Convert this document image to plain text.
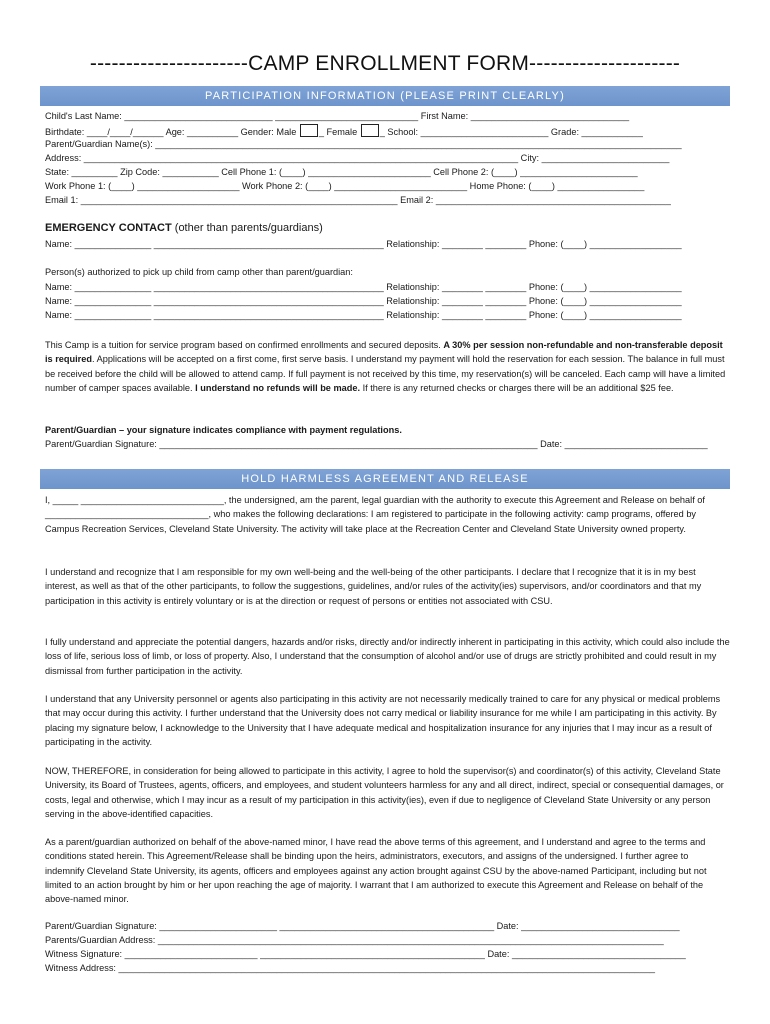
----------------------CAMP ENROLLMENT FORM---------------------
PARTICIPATION INFORMATION (PLEASE PRINT CLEARLY)
Child's Last Name: _____________________________ ____________________________ First Name: _______________________________
Birthdate: ____/____/______ Age: __________ Gender: Male _ Female _ School: _________________________ Grade: ____________
Parent/Guardian Name(s): _______________________________________________________________________________________________________
Address: _____________________________________________________________________________________ City: _________________________
State: _________ Zip Code: ___________ Cell Phone 1: (____) ________________________ Cell Phone 2: (____) _______________________
Work Phone 1: (____) ____________________ Work Phone 2: (____) __________________________ Home Phone: (____) _________________
Email 1: ______________________________________________________________ Email 2: ______________________________________________
EMERGENCY CONTACT (other than parents/guardians)
Name: _______________ _____________________________________________ Relationship: ________ ________ Phone: (____) __________________
Person(s) authorized to pick up child from camp other than parent/guardian:
Name: _______________ _____________________________________________ Relationship: ________ ________ Phone: (____) __________________
Name: _______________ _____________________________________________ Relationship: ________ ________ Phone: (____) __________________
Name: _______________ _____________________________________________ Relationship: ________ ________ Phone: (____) __________________

This Camp is a tuition for service program based on confirmed enrollments and secured deposits. A 30% per session non-refundable and non-transferable deposit is required. Applications will be accepted on a first come, first serve basis. I understand my payment will hold the reservation for each session. The balance in full must be received before the child will be allowed to attend camp. If full payment is not received by this time, my reservation(s) will be canceled. Each camp will have a limited number of camper spaces available. I understand no refunds will be made. If there is any returned checks or charges there will be an additional $25 fee.

Parent/Guardian – your signature indicates compliance with payment regulations.
Parent/Guardian Signature: __________________________________________________________________________ Date: ____________________________
HOLD HARMLESS AGREEMENT AND RELEASE
I, _____ ____________________________, the undersigned, am the parent, legal guardian with the authority to execute this Agreement and Release on behalf of ________________________________, who makes the following declarations: I am registered to participate in the following activity: camp programs, offered by Campus Recreation Services, Cleveland State University. The activity will take place at the Recreation Center and Cleveland State University owned property.
I understand and recognize that I am responsible for my own well-being and the well-being of the other participants. I declare that I recognize that it is in my best interest, as well as that of the other participants, to follow the suggestions, guidelines, and/or rules of the activity(ies) supervisors, and/or coordinators and that my participation in this activity is entirely voluntary or is at the direction or request of persons or entities not associated with CSU.
I fully understand and appreciate the potential dangers, hazards and/or risks, directly and/or indirectly inherent in participating in this activity, which could also include the loss of life, serious loss of limb, or loss of property. Also, I understand that the consumption of alcohol and/or use of drugs are strictly prohibited and could result in my dismissal from further participation in the activity.
I understand that any University personnel or agents also participating in this activity are not necessarily medically trained to care for any physical or medical problems that may occur during this activity. I further understand that the University does not carry medical or liability insurance for me while I am participating in this activity. By placing my signature below, I acknowledge to the University that I have adequate medical and hospitalization insurance for any injuries that I may incur as a result of participating in the activity.
NOW, THEREFORE, in consideration for being allowed to participate in this activity, I agree to hold the supervisor(s) and coordinator(s) of this activity, Cleveland State University, its Board of Trustees, agents, officers, and employees, and student volunteers harmless for any and all direct, indirect, special or consequential damages, or costs, legal and otherwise, which I may incur as a result of my participation in this activity(ies), even if due to negligence of Cleveland State University or any person serving in the above-identified capacities.
As a parent/guardian authorized on behalf of the above-named minor, I have read the above terms of this agreement, and I understand and agree to the terms and conditions stated herein. This Agreement/Release shall be binding upon the heirs, administrators, executors, and assigns of the undersigned. I further agree to indemnify Cleveland State University, its agents, officers and employees against any action brought against CSU by the above-named Participant, including but not limited to an action brought by him or her upon reaching the age of majority. I warrant that I am authorized to execute this Agreement and Release on behalf of the above-named minor.
Parent/Guardian Signature: _______________________ __________________________________________ Date: _______________________________
Parents/Guardian Address: ___________________________________________________________________________________________________
Witness Signature: __________________________ ____________________________________________ Date: __________________________________
Witness Address: _________________________________________________________________________________________________________
